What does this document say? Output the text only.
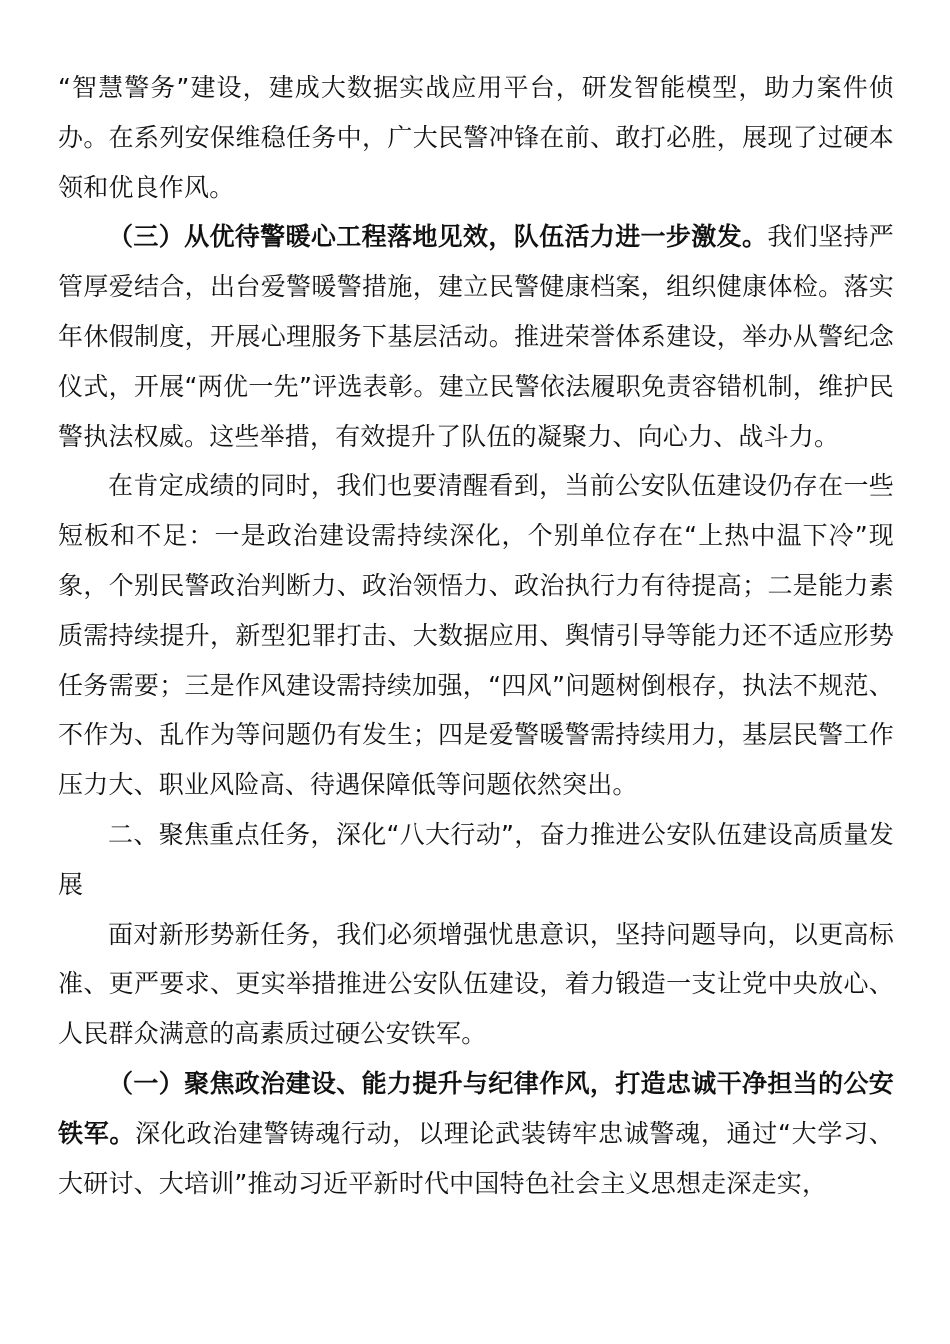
“智慧警务”建设，建成大数据实战应用平台，研发智能模型，助力案件侦办。在系列安保维稳任务中，广大民警冲锋在前、敢打必胜，展现了过硬本领和优良作风。

（三）从优待警暖心工程落地见效，队伍活力进一步激发。我们坚持严管厚爱结合，出台爱警暖警措施，建立民警健康档案，组织健康体检。落实年休假制度，开展心理服务下基层活动。推进荣誉体系建设，举办从警纪念仪式，开展“两优一先”评选表彰。建立民警依法履职免责容错机制，维护民警执法权威。这些举措，有效提升了队伍的凝聚力、向心力、战斗力。

在肯定成绩的同时，我们也要清醒看到，当前公安队伍建设仍存在一些短板和不足：一是政治建设需持续深化，个别单位存在“上热中温下冷”现象，个别民警政治判断力、政治领悟力、政治执行力有待提高；二是能力素质需持续提升，新型犯罪打击、大数据应用、舆情引导等能力还不适应形势任务需要；三是作风建设需持续加强，“四风”问题树倒根存，执法不规范、不作为、乱作为等问题仍有发生；四是爱警暖警需持续用力，基层民警工作压力大、职业风险高、待遇保障低等问题依然突出。

二、聚焦重点任务，深化“八大行动”，奋力推进公安队伍建设高质量发展

面对新形势新任务，我们必须增强忧患意识，坚持问题导向，以更高标准、更严要求、更实举措推进公安队伍建设，着力锻造一支让党中央放心、人民群众满意的高素质过硬公安铁军。

（一）聚焦政治建设、能力提升与纪律作风，打造忠诚干净担当的公安铁军。深化政治建警铸魂行动，以理论武装铸牢忠诚警魂，通过“大学习、大研讨、大培训”推动习近平新时代中国特色社会主义思想走深走实，
